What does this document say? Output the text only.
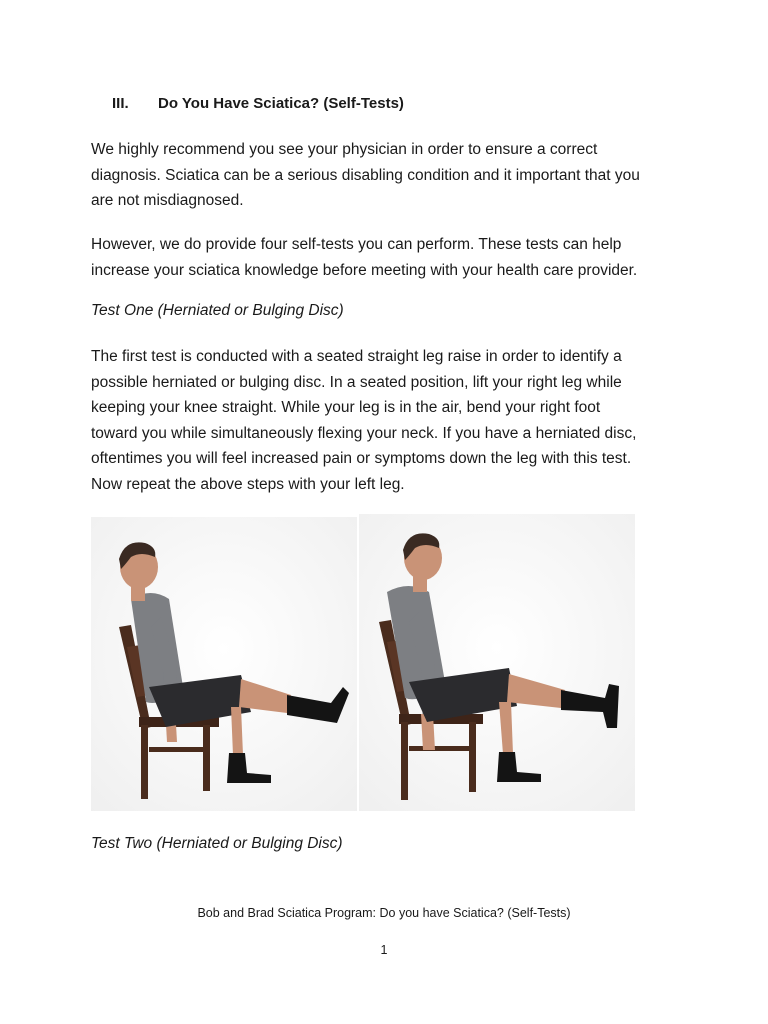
III. Do You Have Sciatica? (Self-Tests)

We highly recommend you see your physician in order to ensure a correct
diagnosis. Sciatica can be a serious disabling condition and it important that you
are not misdiagnosed.

However, we do provide four self-tests you can perform. These tests can help
increase your sciatica knowledge before meeting with your health care provider.

Test One (Herniated or Bulging Disc)

The first test is conducted with a seated straight leg raise in order to identify a
possible herniated or bulging disc. In a seated position, lift your right leg while
keeping your knee straight. While your leg is in the air, bend your right foot
toward you while simultaneously flexing your neck. If you have a herniated disc,
oftentimes you will feel increased pain or symptoms down the leg with this test.
Now repeat the above steps with your left leg.

Test Two (Herniated or Bulging Disc)
Bob and Brad Sciatica Program: Do you have Sciatica? (Self-Tests)
1
